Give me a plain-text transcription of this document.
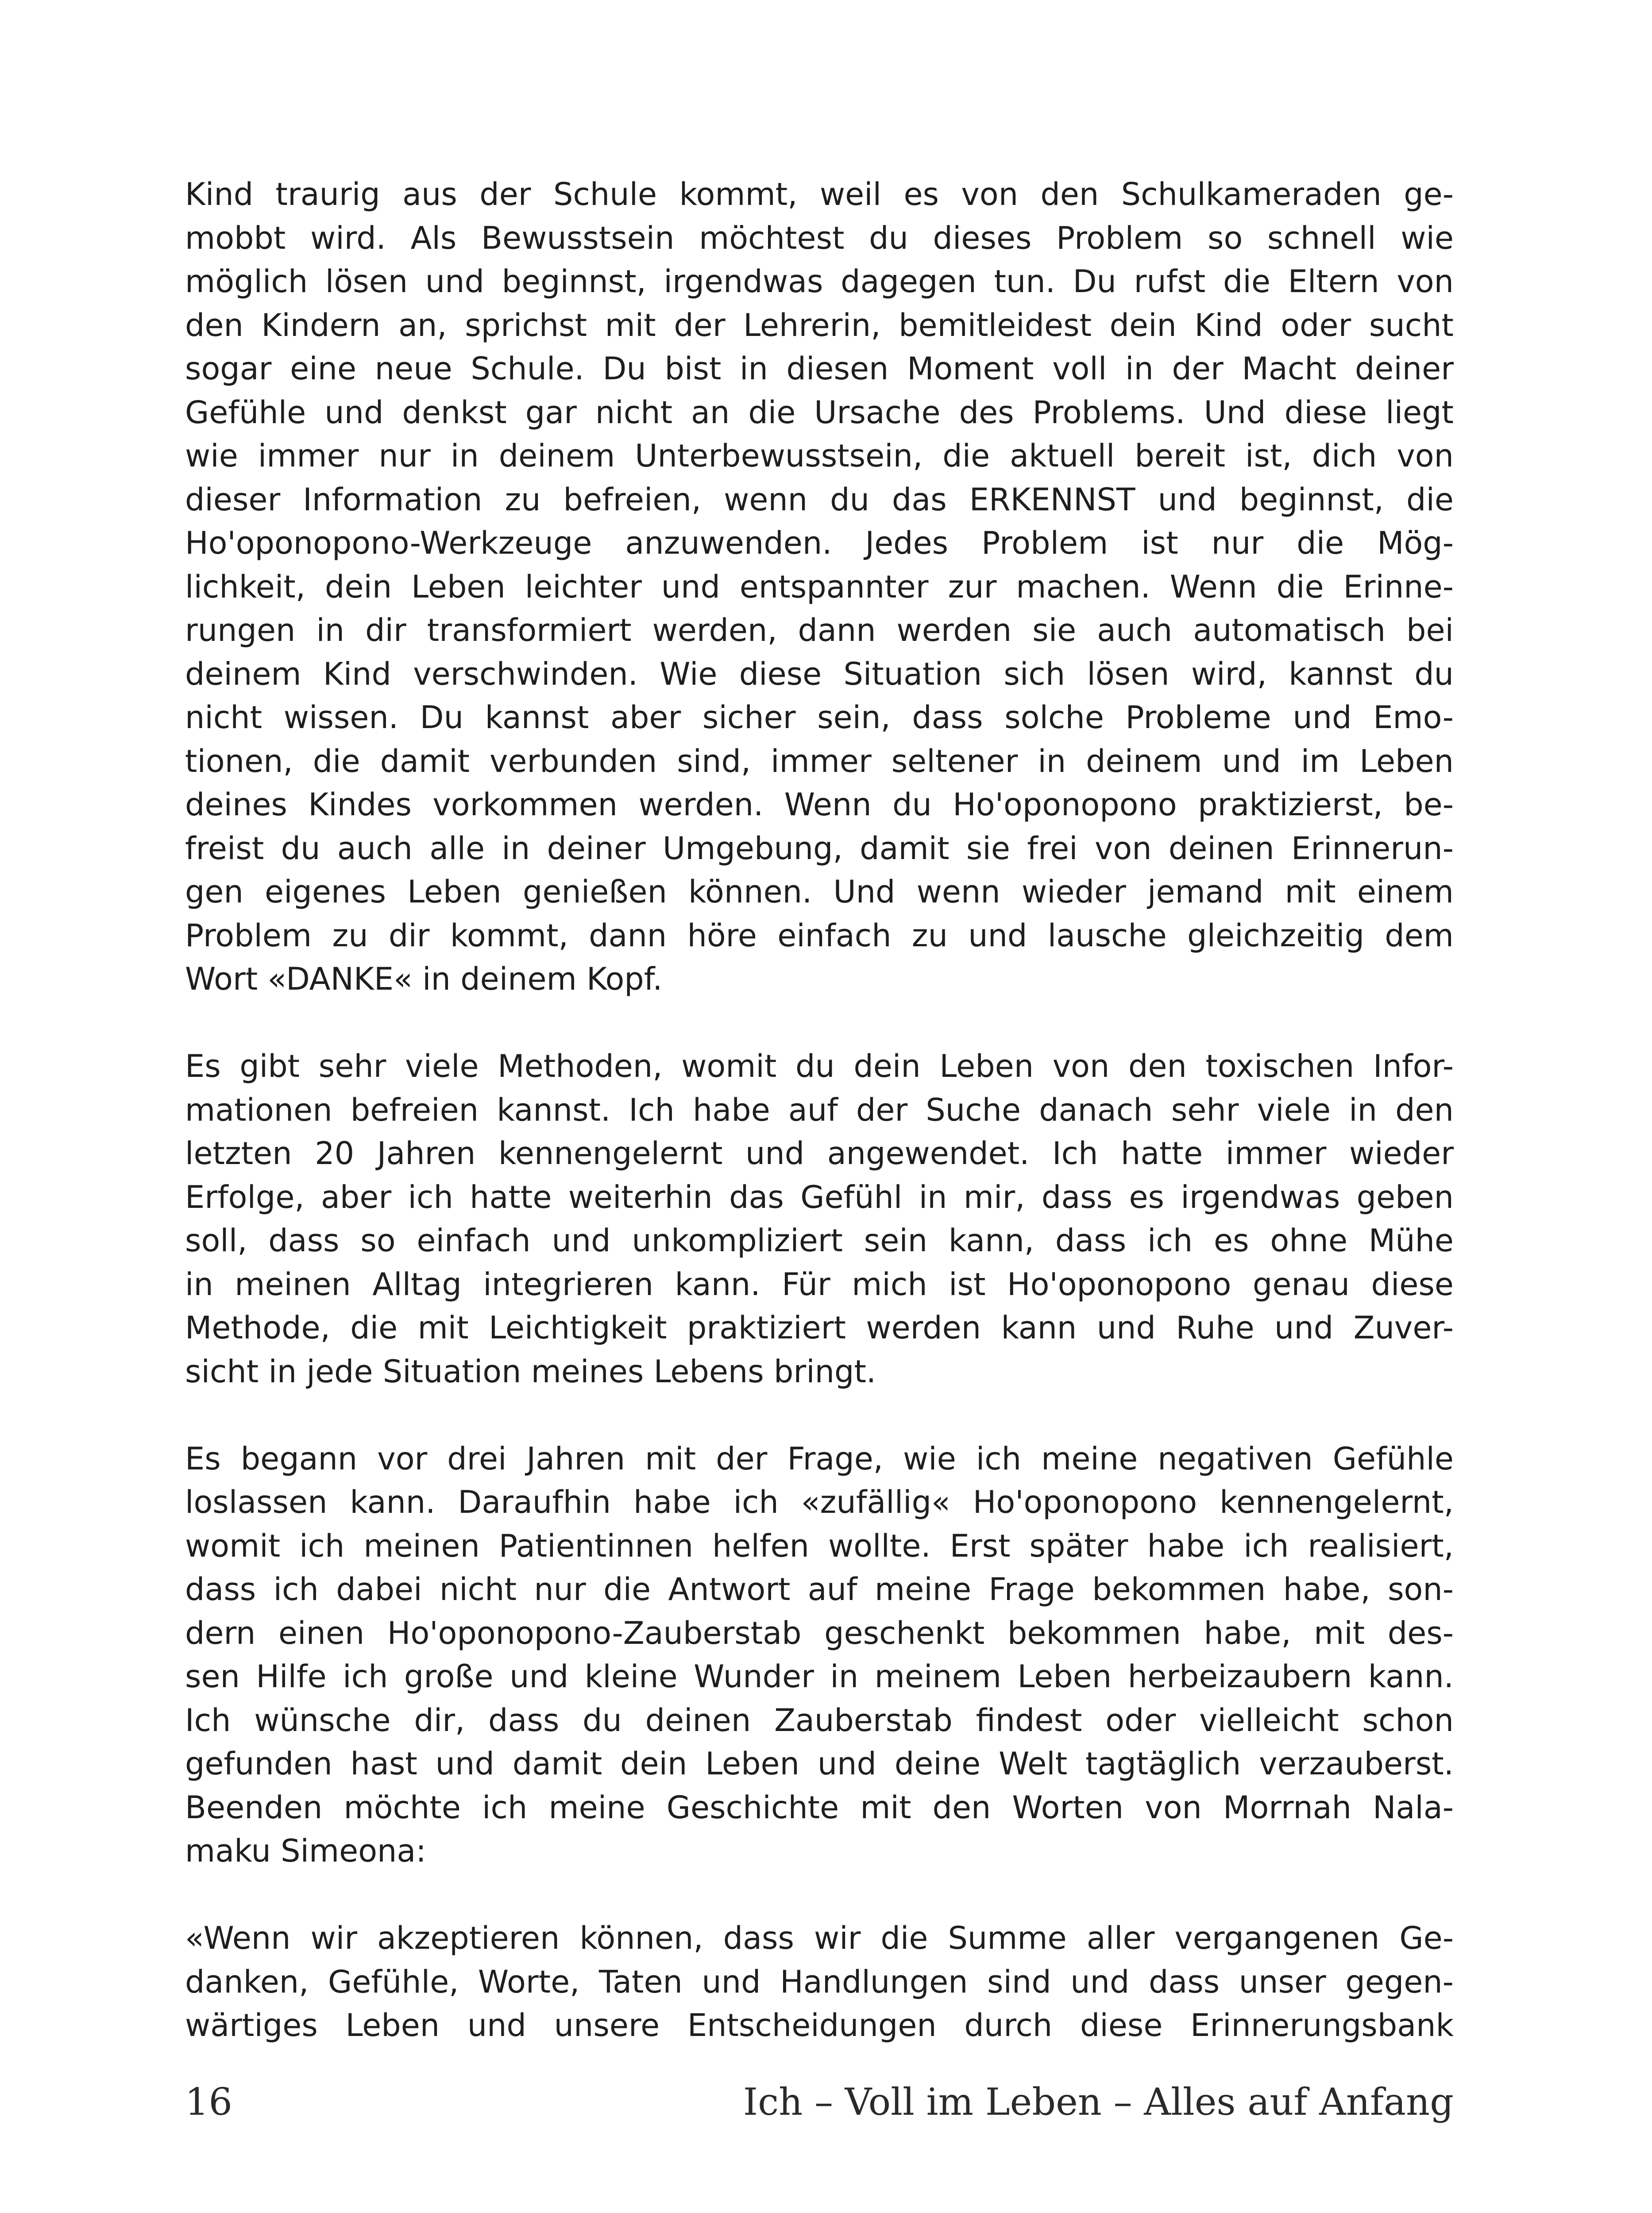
Kind traurig aus der Schule kommt, weil es von den Schulkameraden ge-
mobbt wird. Als Bewusstsein möchtest du dieses Problem so schnell wie
möglich lösen und beginnst, irgendwas dagegen tun. Du rufst die Eltern von
den Kindern an, sprichst mit der Lehrerin, bemitleidest dein Kind oder sucht
sogar eine neue Schule. Du bist in diesen Moment voll in der Macht deiner
Gefühle und denkst gar nicht an die Ursache des Problems. Und diese liegt
wie immer nur in deinem Unterbewusstsein, die aktuell bereit ist, dich von
dieser Information zu befreien, wenn du das ERKENNST und beginnst, die
Ho'oponopono-Werkzeuge anzuwenden. Jedes Problem ist nur die Mög-
lichkeit, dein Leben leichter und entspannter zur machen. Wenn die Erinne-
rungen in dir transformiert werden, dann werden sie auch automatisch bei
deinem Kind verschwinden. Wie diese Situation sich lösen wird, kannst du
nicht wissen. Du kannst aber sicher sein, dass solche Probleme und Emo-
tionen, die damit verbunden sind, immer seltener in deinem und im Leben
deines Kindes vorkommen werden. Wenn du Ho'oponopono praktizierst, be-
freist du auch alle in deiner Umgebung, damit sie frei von deinen Erinnerun-
gen eigenes Leben genießen können. Und wenn wieder jemand mit einem
Problem zu dir kommt, dann höre einfach zu und lausche gleichzeitig dem
Wort «DANKE« in deinem Kopf.
Es gibt sehr viele Methoden, womit du dein Leben von den toxischen Infor-
mationen befreien kannst. Ich habe auf der Suche danach sehr viele in den
letzten 20 Jahren kennengelernt und angewendet. Ich hatte immer wieder
Erfolge, aber ich hatte weiterhin das Gefühl in mir, dass es irgendwas geben
soll, dass so einfach und unkompliziert sein kann, dass ich es ohne Mühe
in meinen Alltag integrieren kann. Für mich ist Ho'oponopono genau diese
Methode, die mit Leichtigkeit praktiziert werden kann und Ruhe und Zuver-
sicht in jede Situation meines Lebens bringt.
Es begann vor drei Jahren mit der Frage, wie ich meine negativen Gefühle
loslassen kann. Daraufhin habe ich «zufällig« Ho'oponopono kennengelernt,
womit ich meinen Patientinnen helfen wollte. Erst später habe ich realisiert,
dass ich dabei nicht nur die Antwort auf meine Frage bekommen habe, son-
dern einen Ho'oponopono-Zauberstab geschenkt bekommen habe, mit des-
sen Hilfe ich große und kleine Wunder in meinem Leben herbeizaubern kann.
Ich wünsche dir, dass du deinen Zauberstab findest oder vielleicht schon
gefunden hast und damit dein Leben und deine Welt tagtäglich verzauberst.
Beenden möchte ich meine Geschichte mit den Worten von Morrnah Nala-
maku Simeona:
«Wenn wir akzeptieren können, dass wir die Summe aller vergangenen Ge-
danken, Gefühle, Worte, Taten und Handlungen sind und dass unser gegen-
wärtiges Leben und unsere Entscheidungen durch diese Erinnerungsbank
16	Ich – Voll im Leben – Alles auf Anfang
